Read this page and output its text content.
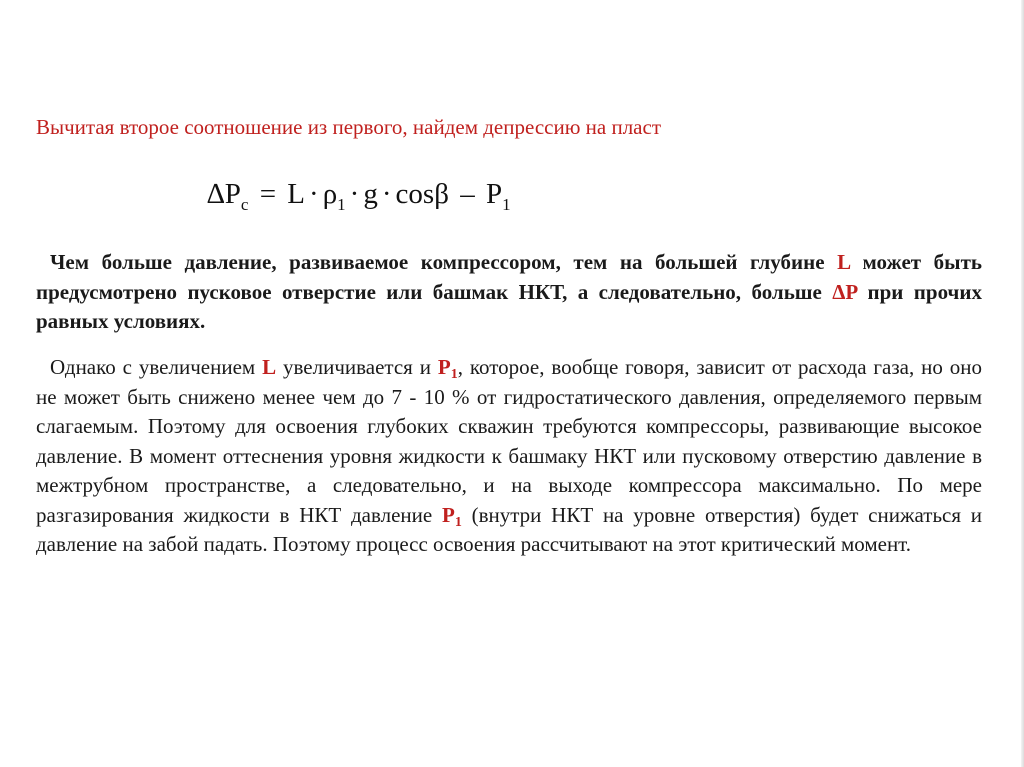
Вычитая второе соотношение из первого, найдем депрессию на пласт
$\Delta P_c = L \cdot \rho_1 \cdot g \cdot \cos\beta - P_1$

Чем больше давление, развиваемое компрессором, тем на большей глубине L может быть предусмотрено пусковое отверстие или башмак НКТ, а следовательно, больше ΔP при прочих равных условиях.

Однако с увеличением L увеличивается и $P_1$, которое, вообще говоря, зависит от расхода газа, но оно не может быть снижено менее чем до 7 - 10 % от гидростатического давления, определяемого первым слагаемым. Поэтому для освоения глубоких скважин требуются компрессоры, развивающие высокое давление. В момент оттеснения уровня жидкости к башмаку НКТ или пусковому отверстию давление в межтрубном пространстве, а следовательно, и на выходе компрессора максимально. По мере разгазирования жидкости в НКТ давление $P_1$ (внутри НКТ на уровне отверстия) будет снижаться и давление на забой падать. Поэтому процесс освоения рассчитывают на этот критический момент.
